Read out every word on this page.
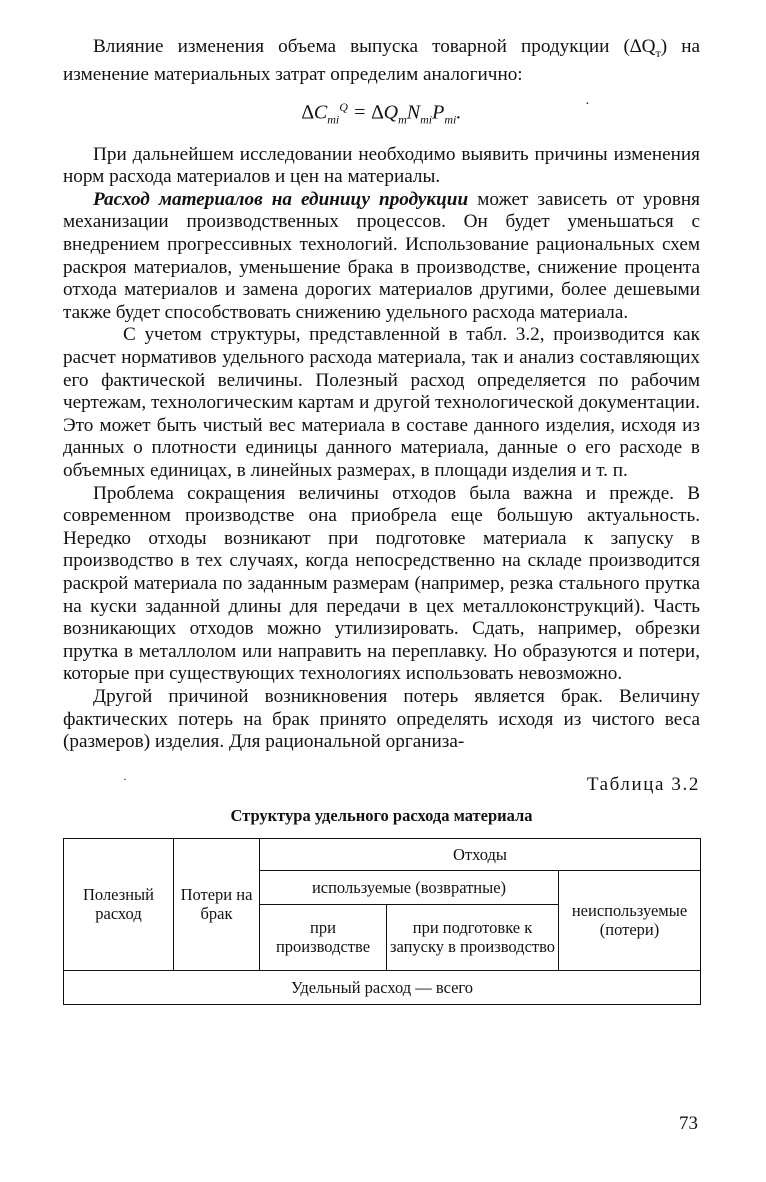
Влияние изменения объема выпуска товарной продукции $(\Delta Q_т)$ на изменение материальных затрат определим аналогично:

$\Delta C_{mi}^Q = \Delta Q_mN_{mi}P_{mi}$.	·

При дальнейшем исследовании необходимо выявить причины изменения норм расхода материалов и цен на материалы.

Расход материалов на единицу продукции может зависеть от уровня механизации производственных процессов. Он будет уменьшаться с внедрением прогрессивных технологий. Использование рациональных схем раскроя материалов, уменьшение брака в производстве, снижение процента отхода материалов и замена дорогих материалов другими, более дешевыми также будет способствовать снижению удельного расхода материала.

С учетом структуры, представленной в табл. 3.2, производится как расчет нормативов удельного расхода материала, так и анализ составляющих его фактической величины. Полезный расход определяется по рабочим чертежам, технологическим картам и другой технологической документации. Это может быть чистый вес материала в составе данного изделия, исходя из данных о плотности единицы данного материала, данные о его расходе в объемных единицах, в линейных размерах, в площади изделия и т. п.

Проблема сокращения величины отходов была важна и прежде. В современном производстве она приобрела еще большую актуальность. Нередко отходы возникают при подготовке материала к запуску в производство в тех случаях, когда непосредственно на складе производится раскрой материала по заданным размерам (например, резка стального прутка на куски заданной длины для передачи в цех металлоконструкций). Часть возникающих отходов можно утилизировать. Сдать, например, обрезки прутка в металлолом или направить на переплавку. Но образуются и потери, которые при существующих технологиях использовать невозможно.

Другой причиной возникновения потерь является брак. Величину фактических потерь на брак принято определять исходя из чистого веса (размеров) изделия. Для рациональной организа-

·	Таблица 3.2
Структура удельного расхода материала
Полезный расход	Потери на брак	Отходы		
		используемые (возвратные)		неиспользуемые (потери)
		при производстве	при подготовке к запуску в производство	
Удельный расход — всего				
73
